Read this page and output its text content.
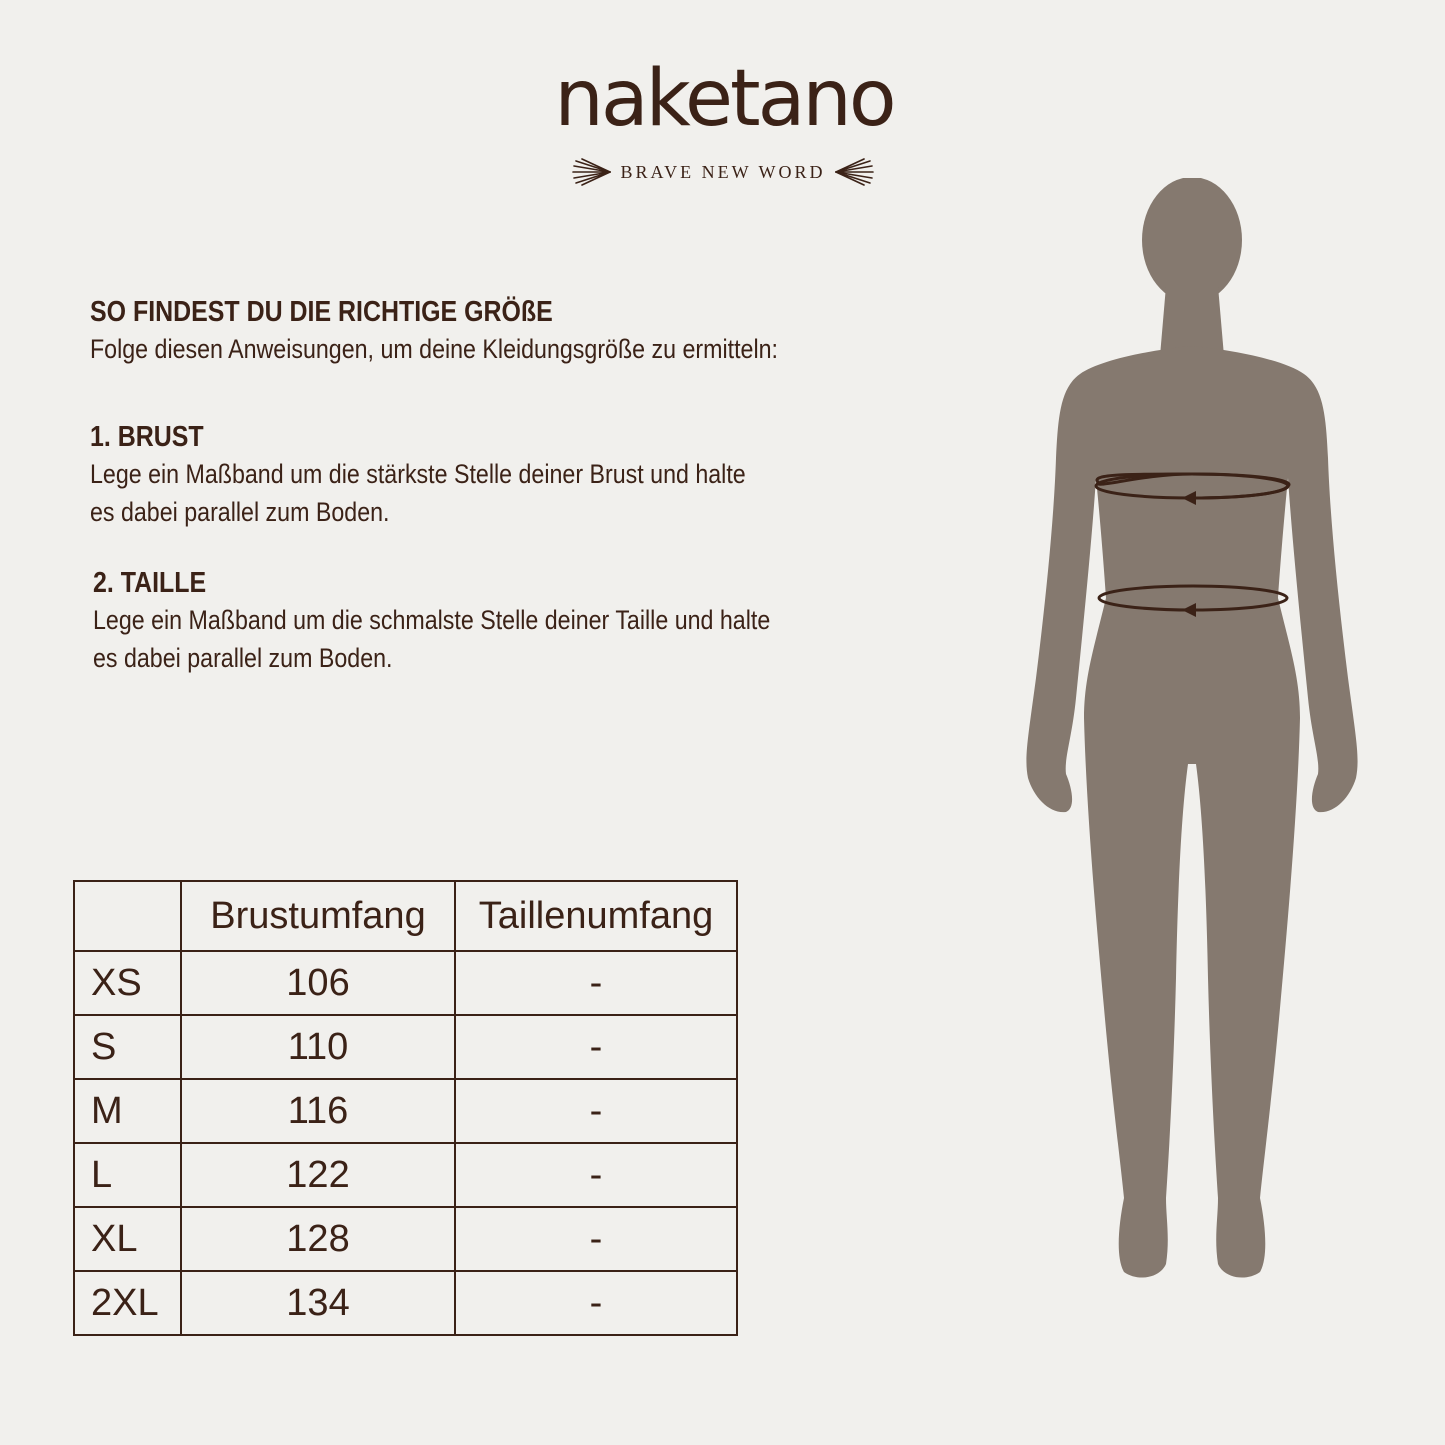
naketano
BRAVE NEW WORD

SO FINDEST DU DIE RICHTIGE GRÖßE

Folge diesen Anweisungen, um deine Kleidungsgröße zu ermitteln:

1. BRUST

Lege ein Maßband um die stärkste Stelle deiner Brust und halte

es dabei parallel zum Boden.

2. TAILLE

Lege ein Maßband um die schmalste Stelle deiner Taille und halte

es dabei parallel zum Boden.

	Brustumfang	Taillenumfang
XS	106	-
S	110	-
M	116	-
L	122	-
XL	128	-
2XL	134	-
